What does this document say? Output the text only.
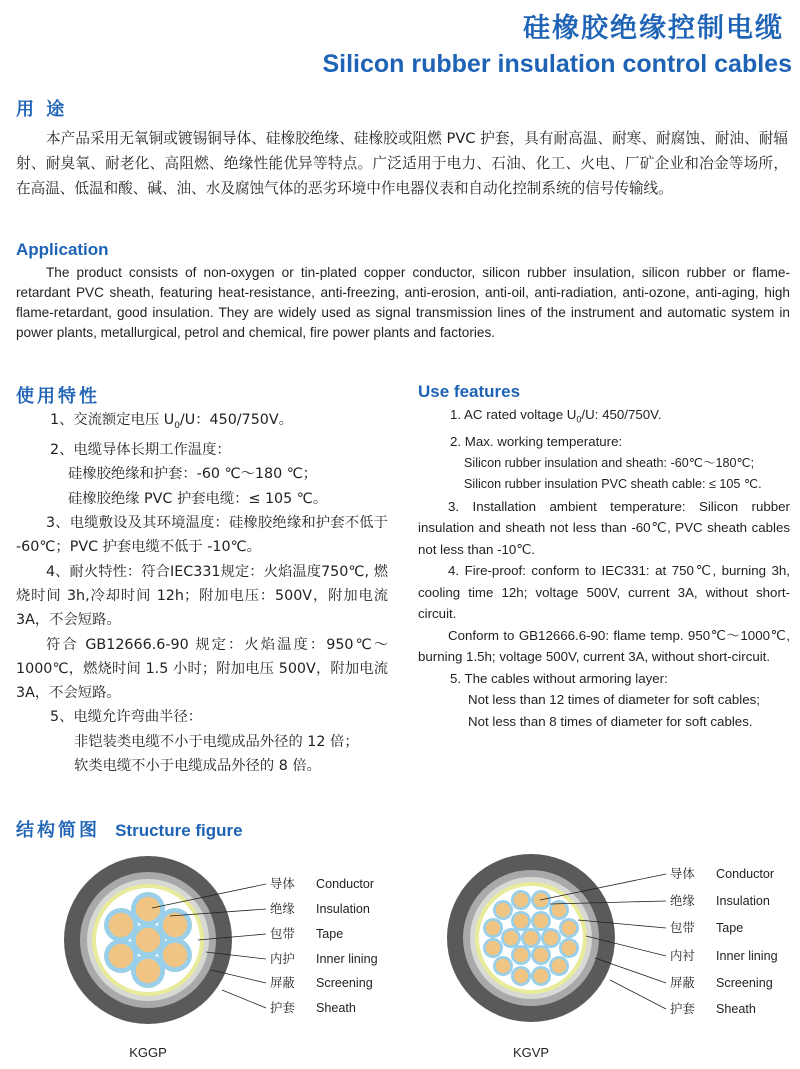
硅橡胶绝缘控制电缆
Silicon rubber insulation control cables
用 途
本产品采用无氧铜或镀锡铜导体、硅橡胶绝缘、硅橡胶或阻燃 PVC 护套，具有耐高温、耐寒、耐腐蚀、耐油、耐辐射、耐臭氧、耐老化、高阻燃、绝缘性能优异等特点。广泛适用于电力、石油、化工、火电、厂矿企业和冶金等场所，在高温、低温和酸、碱、油、水及腐蚀气体的恶劣环境中作电器仪表和自动化控制系统的信号传输线。
Application
The product consists of non-oxygen or tin-plated copper conductor, silicon rubber insulation, silicon rubber or flame-retardant PVC sheath, featuring heat-resistance, anti-freezing, anti-erosion, anti-oil, anti-radiation, anti-ozone, anti-aging, high flame-retardant, good insulation. They are widely used as signal transmission lines of the instrument and automatic system in power plants, metallurgical, petrol and chemical, fire power plants and factories.
使用特性
1、交流额定电压 $U_0/U$：450/750V。
2、电缆导体长期工作温度：
硅橡胶绝缘和护套：-60 ℃～180 ℃；
硅橡胶绝缘 PVC 护套电缆：≤ 105 ℃。
3、电缆敷设及其环境温度：硅橡胶绝缘和护套不低于 -60℃；PVC 护套电缆不低于 -10℃。
4、耐火特性：符合IEC331规定：火焰温度750℃, 燃烧时间 3h,冷却时间 12h；附加电压：500V，附加电流 3A，不会短路。
符合 GB12666.6-90 规定：火焰温度：950℃～1000℃，燃烧时间 1.5 小时；附加电压 500V，附加电流 3A，不会短路。
5、电缆允许弯曲半径：
非铠装类电缆不小于电缆成品外径的 12 倍；
软类电缆不小于电缆成品外径的 8 倍。
Use features
1. AC rated voltage $U_0/U$: 450/750V.
2. Max. working temperature:
Silicon rubber insulation and sheath: -60℃～180℃;
Silicon rubber insulation PVC sheath cable: ≤ 105 ℃.
3. Installation ambient temperature: Silicon rubber insulation and sheath not less than -60℃, PVC sheath cables not less than -10℃.
4. Fire-proof: conform to IEC331: at 750℃, burning 3h, cooling time 12h; voltage 500V, current 3A, without short-circuit.
Conform to GB12666.6-90: flame temp. 950℃～1000℃, burning 1.5h; voltage 500V, current 3A, without short-circuit.
5. The cables without armoring layer:
Not less than 12 times of diameter for soft cables;
Not less than 8 times of diameter for soft cables.
结构简图 Structure figure
导体 Conductor
绝缘 Insulation
包带 Tape
内护 Inner lining
屏蔽 Screening
护套 Sheath
KGGP
导体 Conductor
绝缘 Insulation
包带 Tape
内衬 Inner lining
屏蔽 Screening
护套 Sheath
KGVP
